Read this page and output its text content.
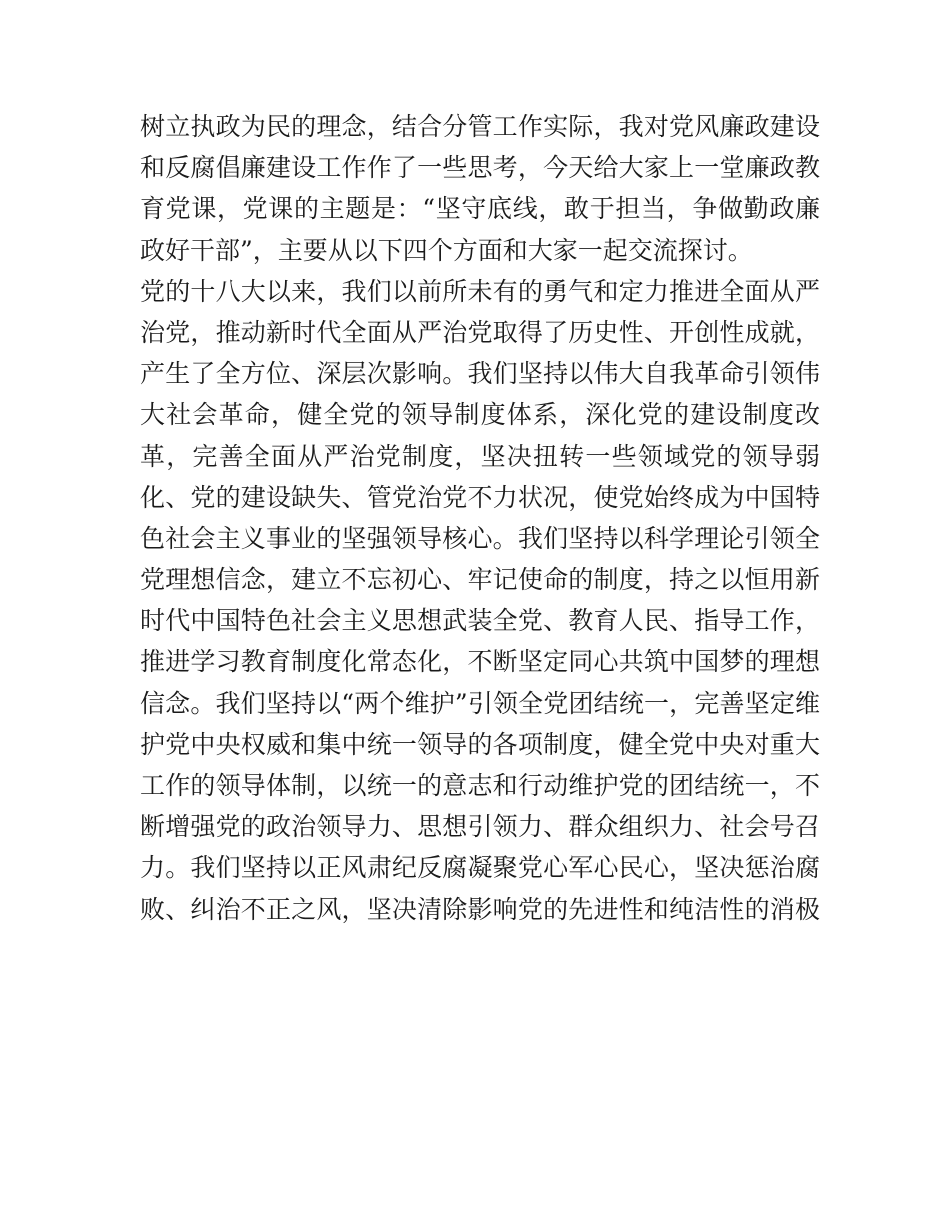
树立执政为民的理念，结合分管工作实际，我对党风廉政建设
和反腐倡廉建设工作作了一些思考，今天给大家上一堂廉政教
育党课，党课的主题是：“坚守底线，敢于担当，争做勤政廉
政好干部”，主要从以下四个方面和大家一起交流探讨。
党的十八大以来，我们以前所未有的勇气和定力推进全面从严
治党，推动新时代全面从严治党取得了历史性、开创性成就，
产生了全方位、深层次影响。我们坚持以伟大自我革命引领伟
大社会革命，健全党的领导制度体系，深化党的建设制度改
革，完善全面从严治党制度，坚决扭转一些领域党的领导弱
化、党的建设缺失、管党治党不力状况，使党始终成为中国特
色社会主义事业的坚强领导核心。我们坚持以科学理论引领全
党理想信念，建立不忘初心、牢记使命的制度，持之以恒用新
时代中国特色社会主义思想武装全党、教育人民、指导工作，
推进学习教育制度化常态化，不断坚定同心共筑中国梦的理想
信念。我们坚持以“两个维护”引领全党团结统一，完善坚定维
护党中央权威和集中统一领导的各项制度，健全党中央对重大
工作的领导体制，以统一的意志和行动维护党的团结统一，不
断增强党的政治领导力、思想引领力、群众组织力、社会号召
力。我们坚持以正风肃纪反腐凝聚党心军心民心，坚决惩治腐
败、纠治不正之风，坚决清除影响党的先进性和纯洁性的消极
